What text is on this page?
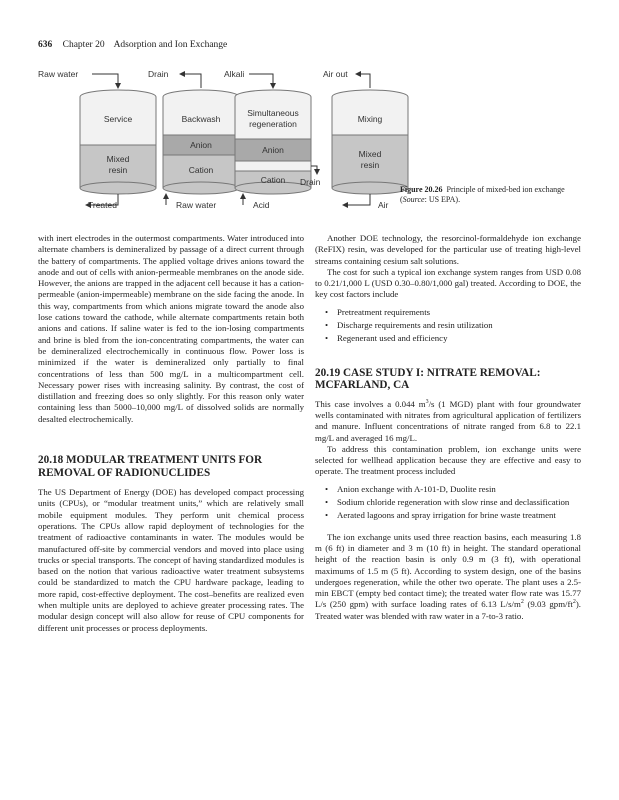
636 Chapter 20 Adsorption and Ion Exchange
Raw water	Drain	Alkali	Air out
Service
Mixed
resin
Backwash
Anion
Cation
Simultaneous
regeneration
Anion
Cation
Mixing
Mixed
resin
Treated	Raw water	Acid
Drain
Air
Figure 20.26 Principle of mixed-bed ion exchange (Source: US EPA).

with inert electrodes in the outermost compartments. Water introduced into alternate chambers is demineralized by passage of a direct current through the battery of compartments. The applied voltage drives anions toward the anode and out of cells with anion-permeable membranes on the anode side. However, the anions are trapped in the adjacent cell because it has a cation-permeable (anion-impermeable) membrane on the side facing the anode. In this way, compartments from which anions migrate toward the anode also lose cations toward the cathode, while alternate compartments retain both anions and cations. If saline water is fed to the ion-losing compartments and brine is bled from the ion-concentrating compartments, the water can be demineralized electrochemically in continuous flow. Power loss is minimized if the water is demineralized only partially to final concentrations of less than 500 mg/L in a multicompartment cell. Necessary power rises with increasing salinity. By contrast, the cost of distillation and freezing does so only slightly. For this reason only water containing less than 5000–10,000 mg/L of dissolved solids are normally desalted electrochemically.

20.18 MODULAR TREATMENT UNITS FOR REMOVAL OF RADIONUCLIDES

The US Department of Energy (DOE) has developed compact processing units (CPUs), or “modular treatment units,” which are relatively small mobile equipment modules. They perform unit chemical process operations. The CPUs allow rapid deployment of technologies for the treatment of radioactive contaminants in water. The modules would be manufactured off-site by commercial vendors and moved into place using trucks or special transports. The concept of having standardized modules is based on the notion that various radioactive water treatment subsystems could be standardized to match the CPU hardware package, leading to more rapid, cost-effective deployment. The cost–benefits are realized even when multiple units are deployed to achieve greater processing rates. The modular design concept will also allow for reuse of CPU components for different unit processes or process deployments.

Another DOE technology, the resorcinol-formaldehyde ion exchange (ReFIX) resin, was developed for the particular use of treating high-level streams containing cesium salt solutions.

The cost for such a typical ion exchange system ranges from USD 0.08 to 0.21/1,000 L (USD 0.30–0.80/1,000 gal) treated. According to DOE, the key cost factors include

• Pretreatment requirements
• Discharge requirements and resin utilization
• Regenerant used and efficiency
20.19 CASE STUDY I: NITRATE REMOVAL: MCFARLAND, CA

This case involves a 0.044 $m^3/s$ (1 MGD) plant with four groundwater wells contaminated with nitrates from agricultural application of fertilizers and manure. Influent concentrations of nitrate ranged from 6.8 to 22.1 mg/L and averaged 16 mg/L.

To address this contamination problem, ion exchange units were selected for wellhead application because they are effective and easy to operate. The treatment process included

• Anion exchange with A-101-D, Duolite resin
• Sodium chloride regeneration with slow rinse and declassification
• Aerated lagoons and spray irrigation for brine waste treatment

The ion exchange units used three reaction basins, each measuring 1.8 m (6 ft) in diameter and 3 m (10 ft) in height. The standard operational height of the reaction basin is only 0.9 m (3 ft), with operational maximums of 1.5 m (5 ft). According to system design, one of the basins undergoes regeneration, while the other two operate. The plant uses a 2.5-min EBCT (empty bed contact time); the treated water flow rate was 15.77 L/s (250 gpm) with surface loading rates of 6.13 $L/s/m^2$ (9.03 gpm/$ft^2$). Treated water was blended with raw water in a 7-to-3 ratio.
